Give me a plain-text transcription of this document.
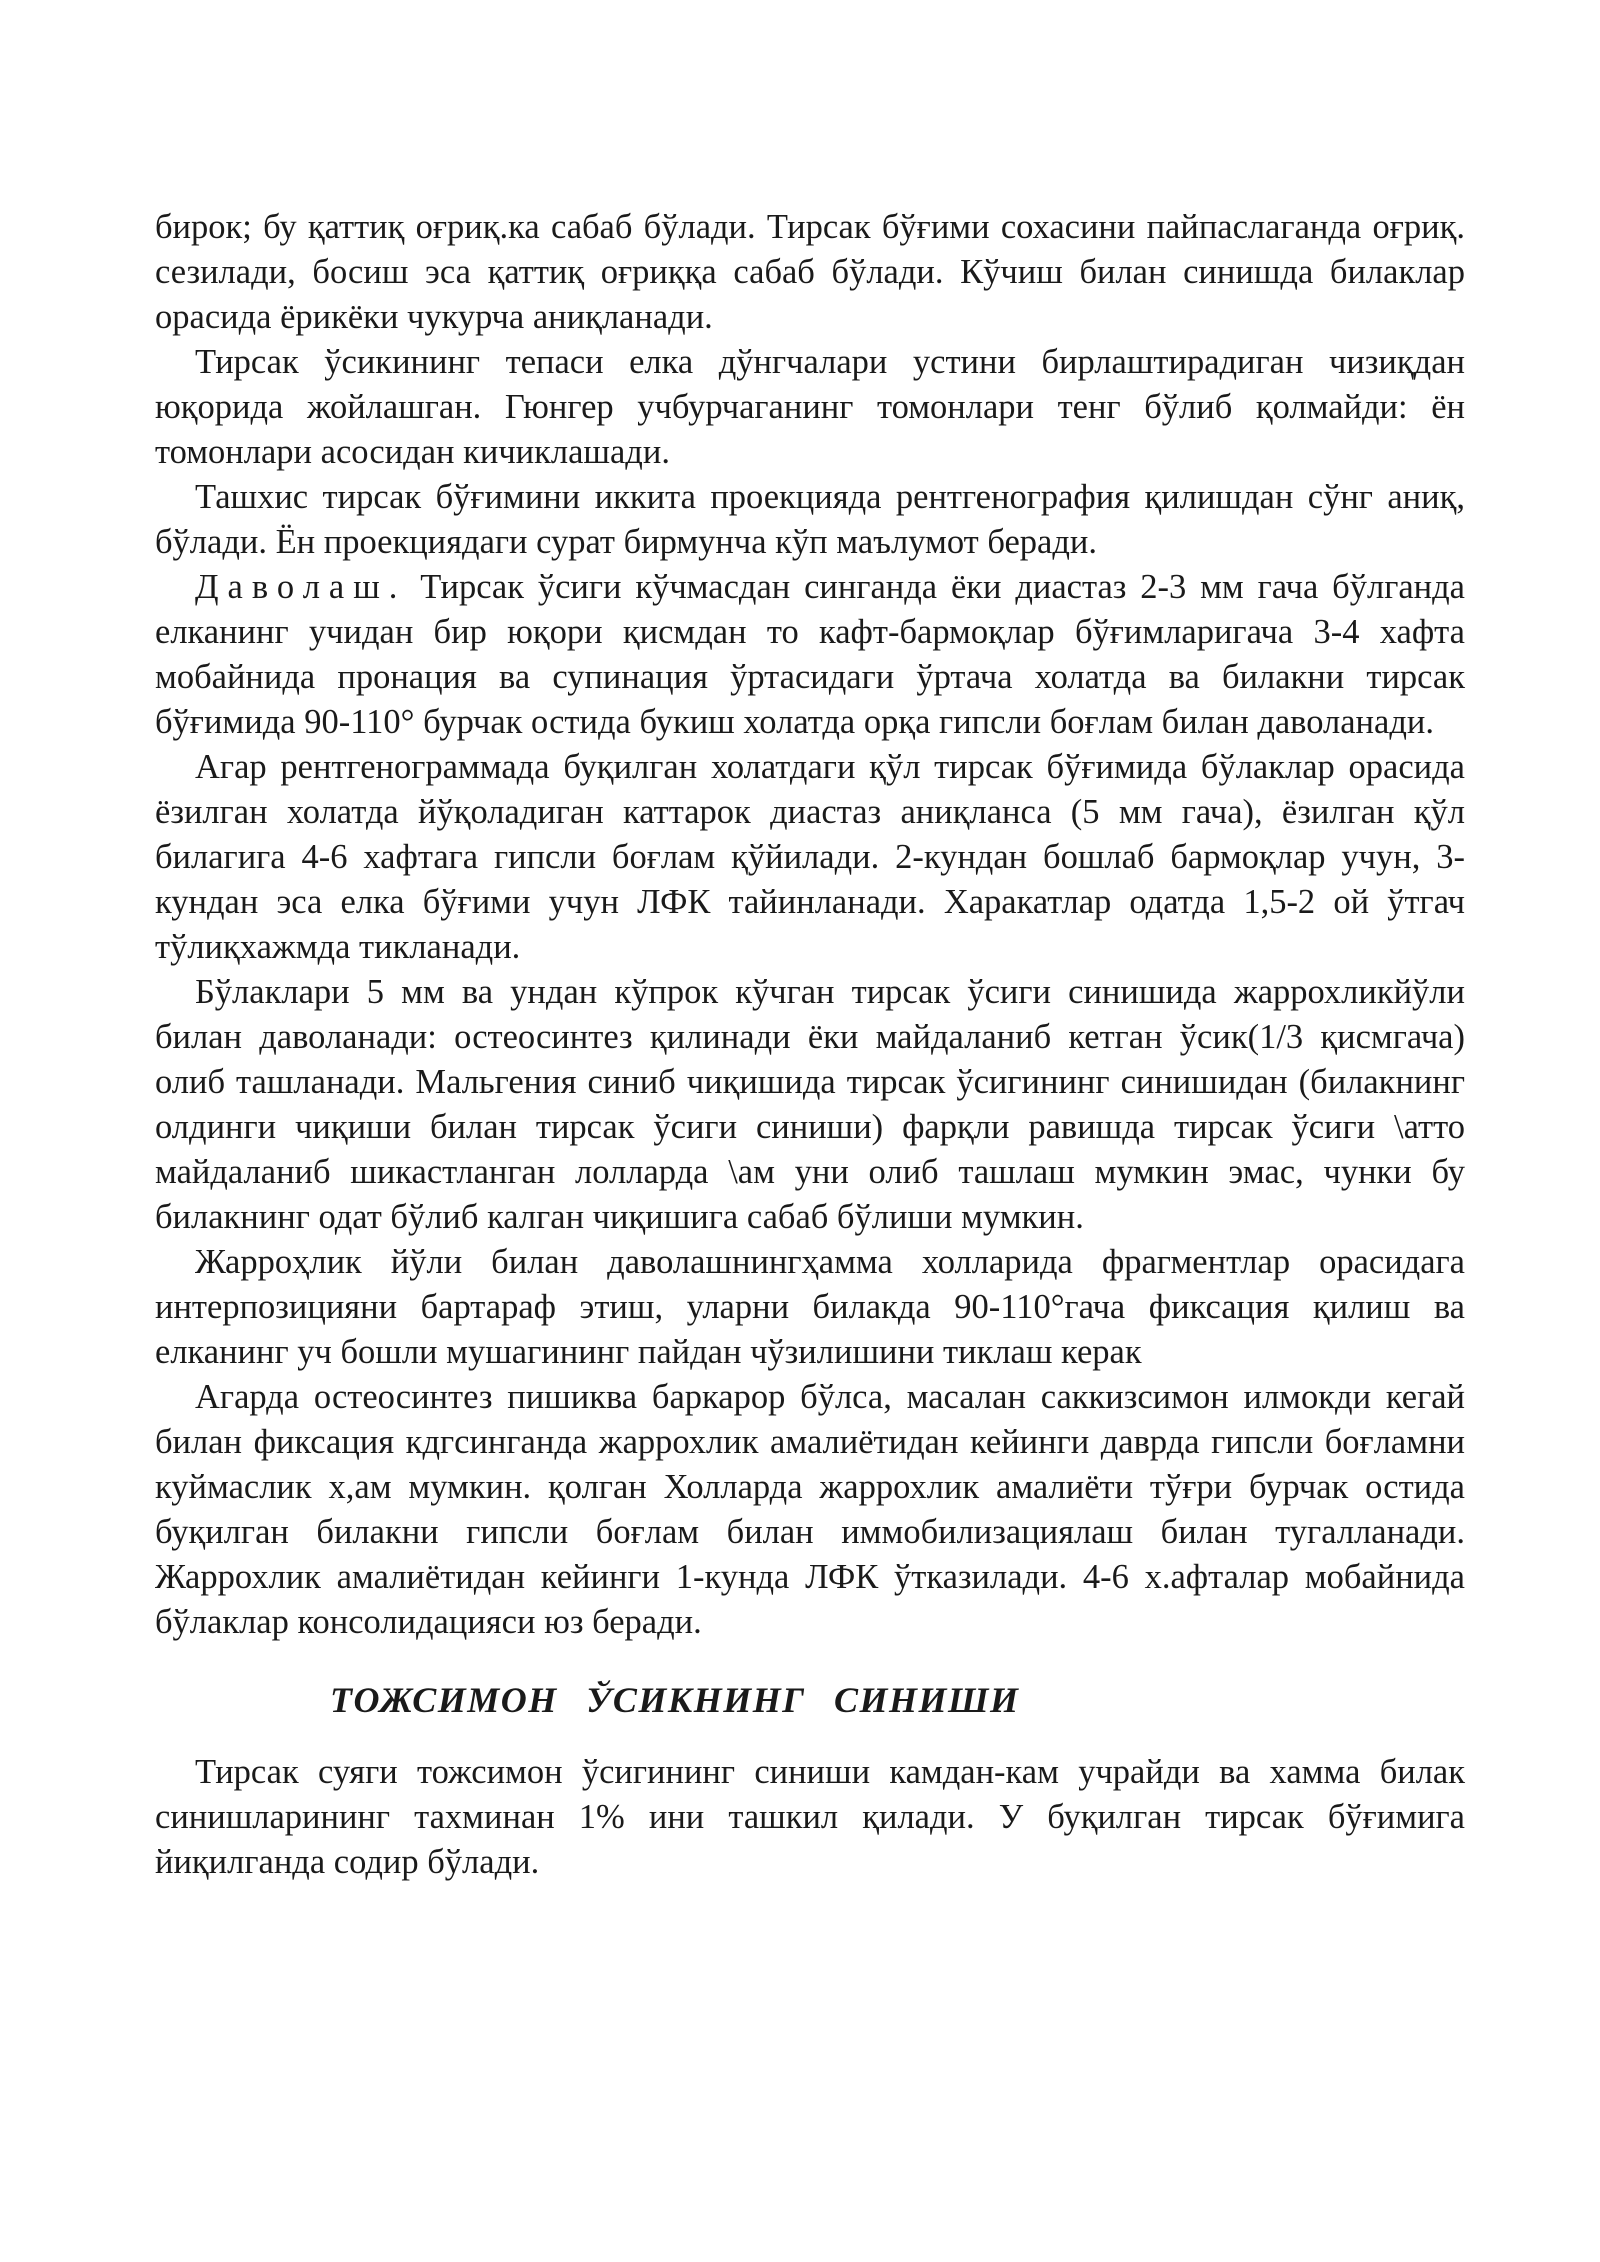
бирок; бу қаттиқ оғриқ.ка сабаб бўлади. Тирсак бўғими сохасини пайпаслаганда оғриқ. сезилади, босиш эса қаттиқ оғриққа сабаб бўлади. Кўчиш билан синишда билаклар орасида ёрикёки чукурча аниқланади.

Тирсак ўсикининг тепаси елка дўнгчалари устини бирлаштирадиган чизиқдан юқорида жойлашган. Гюнгер учбурчаганинг томонлари тенг бўлиб қолмайди: ён томонлари асосидан кичиклашади.

Ташхис тирсак бўғимини иккита проекцияда рентгенография қилишдан сўнг аниқ, бўлади. Ён проекциядаги сурат бирмунча кўп маълумот беради.

Даволаш. Тирсак ўсиги кўчмасдан синганда ёки диастаз 2-3 мм гача бўлганда елканинг учидан бир юқори қисмдан то кафт-бармоқлар бўғимларигача 3-4 хафта мобайнида пронация ва супинация ўртасидаги ўртача холатда ва билакни тирсак бўғимида 90-110° бурчак остида букиш холатда орқа гипсли боғлам билан даволанади.

Агар рентгенограммада буқилган холатдаги қўл тирсак бўғимида бўлаклар орасида ёзилган холатда йўқоладиган каттарок диастаз аниқланса (5 мм гача), ёзилган қўл билагига 4-6 хафтага гипсли боғлам қўйилади. 2-кундан бошлаб бармоқлар учун, 3-кундан эса елка бўғими учун ЛФК тайинланади. Харакатлар одатда 1,5-2 ой ўтгач тўлиқхажмда тикланади.

Бўлаклари 5 мм ва ундан кўпрок кўчган тирсак ўсиги синишида жаррохликйўли билан даволанади: остеосинтез қилинади ёки майдаланиб кетган ўсик(1/3 қисмгача) олиб ташланади. Мальгения синиб чиқишида тирсак ўсигининг синишидан (билакнинг олдинги чиқиши билан тирсак ўсиги синиши) фарқли равишда тирсак ўсиги \атто майдаланиб шикастланган лолларда \ам уни олиб ташлаш мумкин эмас, чунки бу билакнинг одат бўлиб калган чиқишига сабаб бўлиши мумкин.

Жарроҳлик йўли билан даволашнингҳамма холларида фрагментлар орасидага интерпозицияни бартараф этиш, уларни билакда 90-110°гача фиксация қилиш ва елканинг уч бошли мушагининг пайдан чўзилишини тиклаш керак

Агарда остеосинтез пишиква баркарор бўлса, масалан саккизсимон илмокди кегай билан фиксация кдгсинганда жаррохлик амалиётидан кейинги даврда гипсли боғламни куймаслик х,ам мумкин. қолган Холларда жаррохлик амалиёти тўғри бурчак остида буқилган билакни гипсли боғлам билан иммобилизациялаш билан тугалланади. Жаррохлик амалиётидан кейинги 1-кунда ЛФК ўтказилади. 4-6 х.афталар мобайнида бўлаклар консолидацияси юз беради.

ТОЖСИМОН ЎСИКНИНГ СИНИШИ

Тирсак суяги тожсимон ўсигининг синиши камдан-кам учрайди ва хамма билак синишларининг тахминан 1% ини ташкил қилади. У буқилган тирсак бўғимига йиқилганда содир бўлади.
